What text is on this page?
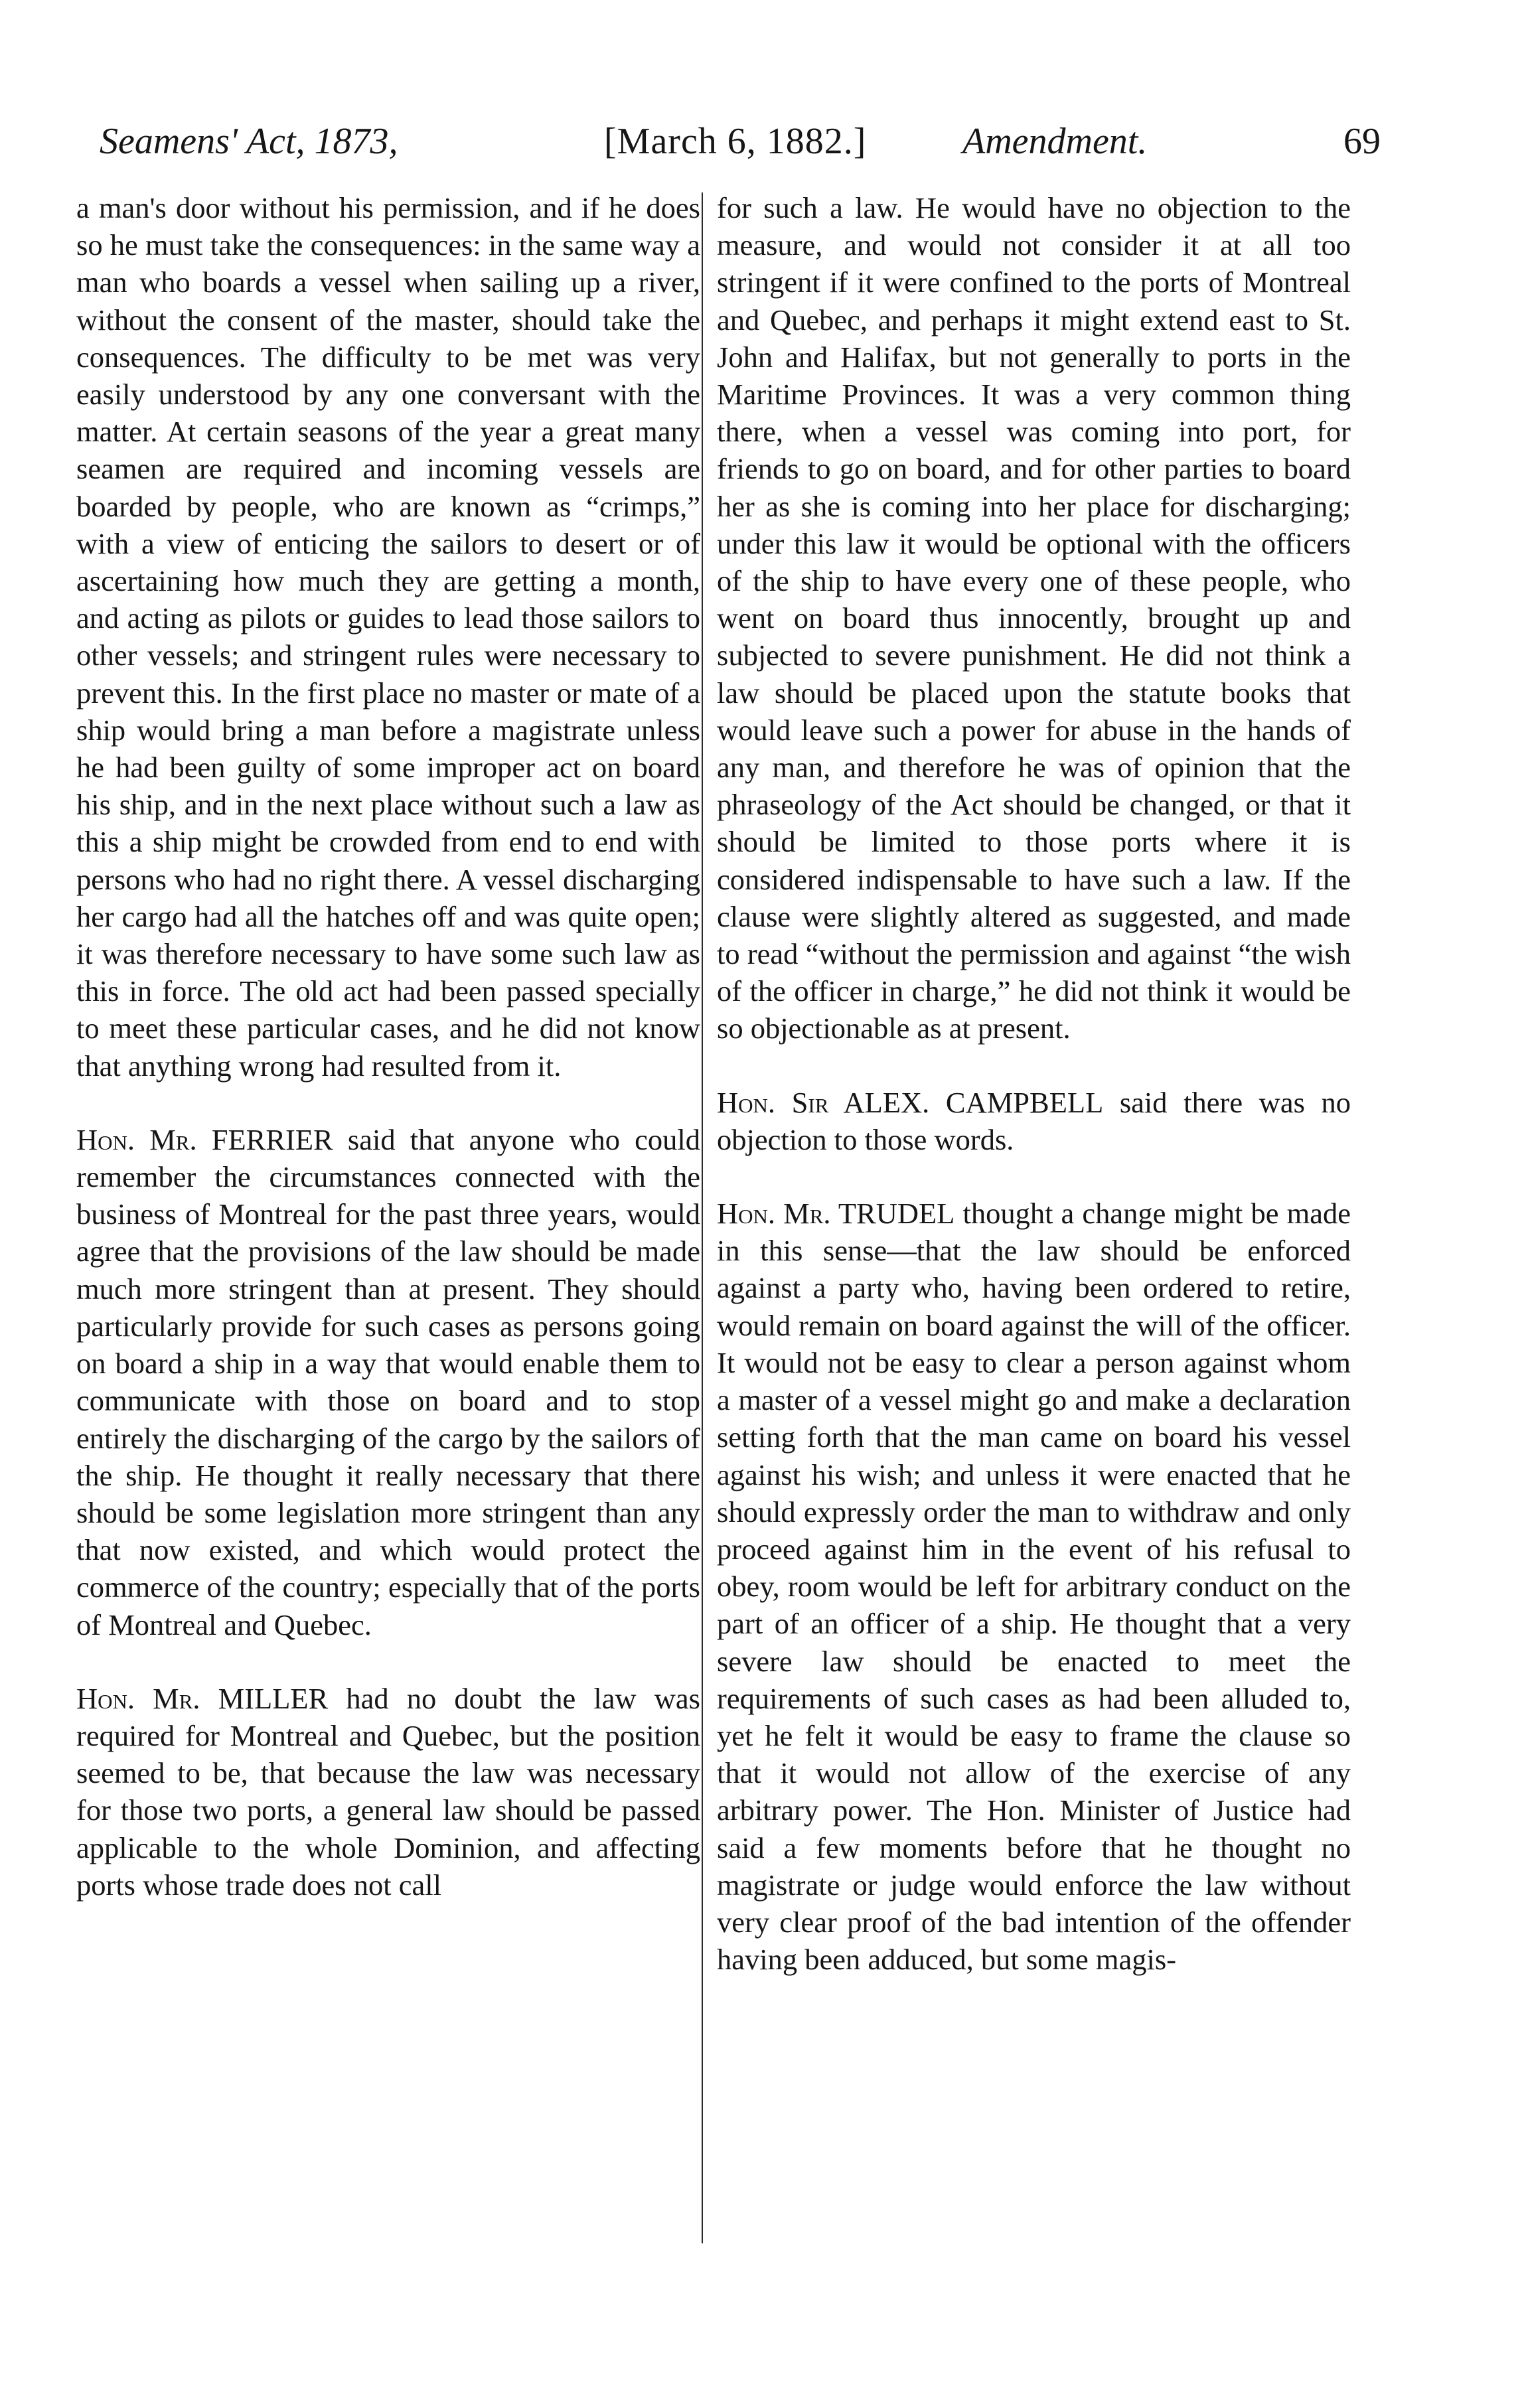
Seamens' Act, 1873,	[March 6, 1882.]	Amendment.	69

a man's door without his permission, and if he does so he must take the consequences: in the same way a man who boards a vessel when sailing up a river, without the consent of the master, should take the consequences. The difficulty to be met was very easily understood by any one conversant with the matter. At certain seasons of the year a great many seamen are required and incoming vessels are boarded by people, who are known as “crimps,” with a view of enticing the sailors to desert or of ascertaining how much they are getting a month, and acting as pilots or guides to lead those sailors to other vessels; and stringent rules were necessary to prevent this. In the first place no master or mate of a ship would bring a man before a magistrate unless he had been guilty of some improper act on board his ship, and in the next place without such a law as this a ship might be crowded from end to end with persons who had no right there. A vessel discharging her cargo had all the hatches off and was quite open; it was therefore necessary to have some such law as this in force. The old act had been passed specially to meet these particular cases, and he did not know that anything wrong had resulted from it.

Hon. Mr. FERRIER said that anyone who could remember the circumstances connected with the business of Montreal for the past three years, would agree that the provisions of the law should be made much more stringent than at present. They should particularly provide for such cases as persons going on board a ship in a way that would enable them to communicate with those on board and to stop entirely the discharging of the cargo by the sailors of the ship. He thought it really necessary that there should be some legislation more stringent than any that now existed, and which would protect the commerce of the country; especially that of the ports of Montreal and Quebec.

Hon. Mr. MILLER had no doubt the law was required for Montreal and Quebec, but the position seemed to be, that because the law was necessary for those two ports, a general law should be passed applicable to the whole Dominion, and affecting ports whose trade does not call

for such a law. He would have no objection to the measure, and would not consider it at all too stringent if it were confined to the ports of Montreal and Quebec, and perhaps it might extend east to St. John and Halifax, but not generally to ports in the Maritime Provinces. It was a very common thing there, when a vessel was coming into port, for friends to go on board, and for other parties to board her as she is coming into her place for discharging; under this law it would be optional with the officers of the ship to have every one of these people, who went on board thus innocently, brought up and subjected to severe punishment. He did not think a law should be placed upon the statute books that would leave such a power for abuse in the hands of any man, and therefore he was of opinion that the phraseology of the Act should be changed, or that it should be limited to those ports where it is considered indispensable to have such a law. If the clause were slightly altered as suggested, and made to read “without the permission and against “the wish of the officer in charge,” he did not think it would be so objectionable as at present.

Hon. Sir ALEX. CAMPBELL said there was no objection to those words.

Hon. Mr. TRUDEL thought a change might be made in this sense—that the law should be enforced against a party who, having been ordered to retire, would remain on board against the will of the officer. It would not be easy to clear a person against whom a master of a vessel might go and make a declaration setting forth that the man came on board his vessel against his wish; and unless it were enacted that he should expressly order the man to withdraw and only proceed against him in the event of his refusal to obey, room would be left for arbitrary conduct on the part of an officer of a ship. He thought that a very severe law should be enacted to meet the requirements of such cases as had been alluded to, yet he felt it would be easy to frame the clause so that it would not allow of the exercise of any arbitrary power. The Hon. Minister of Justice had said a few moments before that he thought no magistrate or judge would enforce the law without very clear proof of the bad intention of the offender having been adduced, but some magis-
